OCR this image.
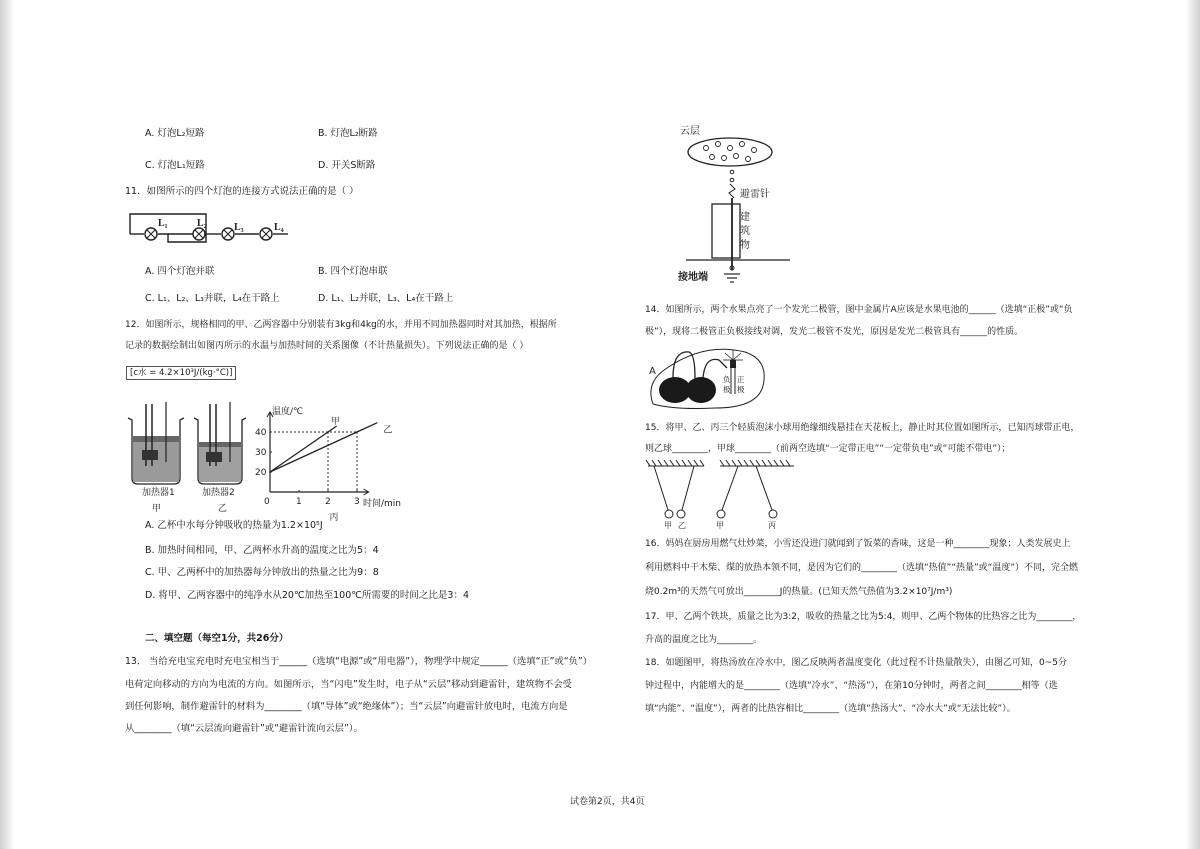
A. 灯泡L₂短路	B. 灯泡L₂断路
C. 灯泡L₁短路	D. 开关S断路
11．如图所示的四个灯泡的连接方式说法正确的是（ ）
L₁	L₂	L₃	L₄
A. 四个灯泡并联	B. 四个灯泡串联
C. L₁、L₂、L₃并联，L₄在干路上	D. L₁、L₂并联，L₃、L₄在干路上
12．如图所示，规格相同的甲、乙两容器中分别装有3kg和4kg的水，并用不同加热器同时对其加热，根据所
记录的数据绘制出如图丙所示的水温与加热时间的关系图像（不计热量损失）。下列说法正确的是（ ）
[c水 = 4.2×10³J/(kg·°C)]
加热器1	加热器2
甲	乙
温度/℃
时间/min
0	1	2	3
20
30
40
甲
乙
丙
A. 乙杯中水每分钟吸收的热量为1.2×10⁵J
B. 加热时间相同，甲、乙两杯水升高的温度之比为5：4
C. 甲、乙两杯中的加热器每分钟放出的热量之比为9：8
D. 将甲、乙两容器中的纯净水从20℃加热至100℃所需要的时间之比是3：4
二、填空题（每空1分，共26分）
13． 当给充电宝充电时充电宝相当于______（选填“电源”或“用电器”），物理学中规定______（选填“正”或“负”）
电荷定向移动的方向为电流的方向。如图所示，当“闪电”发生时，电子从“云层”移动到避雷针，建筑物不会受
到任何影响，制作避雷针的材料为________（填“导体”或“绝缘体”）；当“云层”向避雷针放电时，电流方向是
从________（填“云层流向避雷针”或“避雷针流向云层”）。
云层
避雷针
建
筑
物
接地端
14．如图所示，两个水果点亮了一个发光二极管，图中金属片A应该是水果电池的______（选填“正极”或“负
极”），现将二极管正负极接线对调，发光二极管不发光，原因是发光二极管具有______的性质。
A
负
极
正
极
15．将甲、乙、丙三个轻质泡沫小球用绝缘细线悬挂在天花板上，静止时其位置如图所示，已知丙球带正电，
则乙球________，甲球________（前两空选填“一定带正电”“一定带负电”或“可能不带电”）；
甲 乙	甲	丙
16．妈妈在厨房用燃气灶炒菜，小雪还没进门就闻到了饭菜的香味，这是一种________现象；人类发展史上
利用燃料中干木柴、煤的放热本领不同，是因为它们的________（选填“热值”“热量”或“温度”）不同，完全燃
烧0.2m³的天然气可放出________J的热量。(已知天然气热值为3.2×10⁷J/m³)
17．甲、乙两个铁块，质量之比为3:2，吸收的热量之比为5:4，则甲、乙两个物体的比热容之比为________，
升高的温度之比为________。
18．如题图甲，将热汤放在冷水中，图乙反映两者温度变化（此过程不计热量散失），由图乙可知，0~5分
钟过程中，内能增大的是________（选填“冷水”、“热汤”），在第10分钟时，两者之间________相等（选
填“内能”、“温度”），两者的比热容相比________（选填“热汤大”、“冷水大”或“无法比较”）。
试卷第2页，共4页
